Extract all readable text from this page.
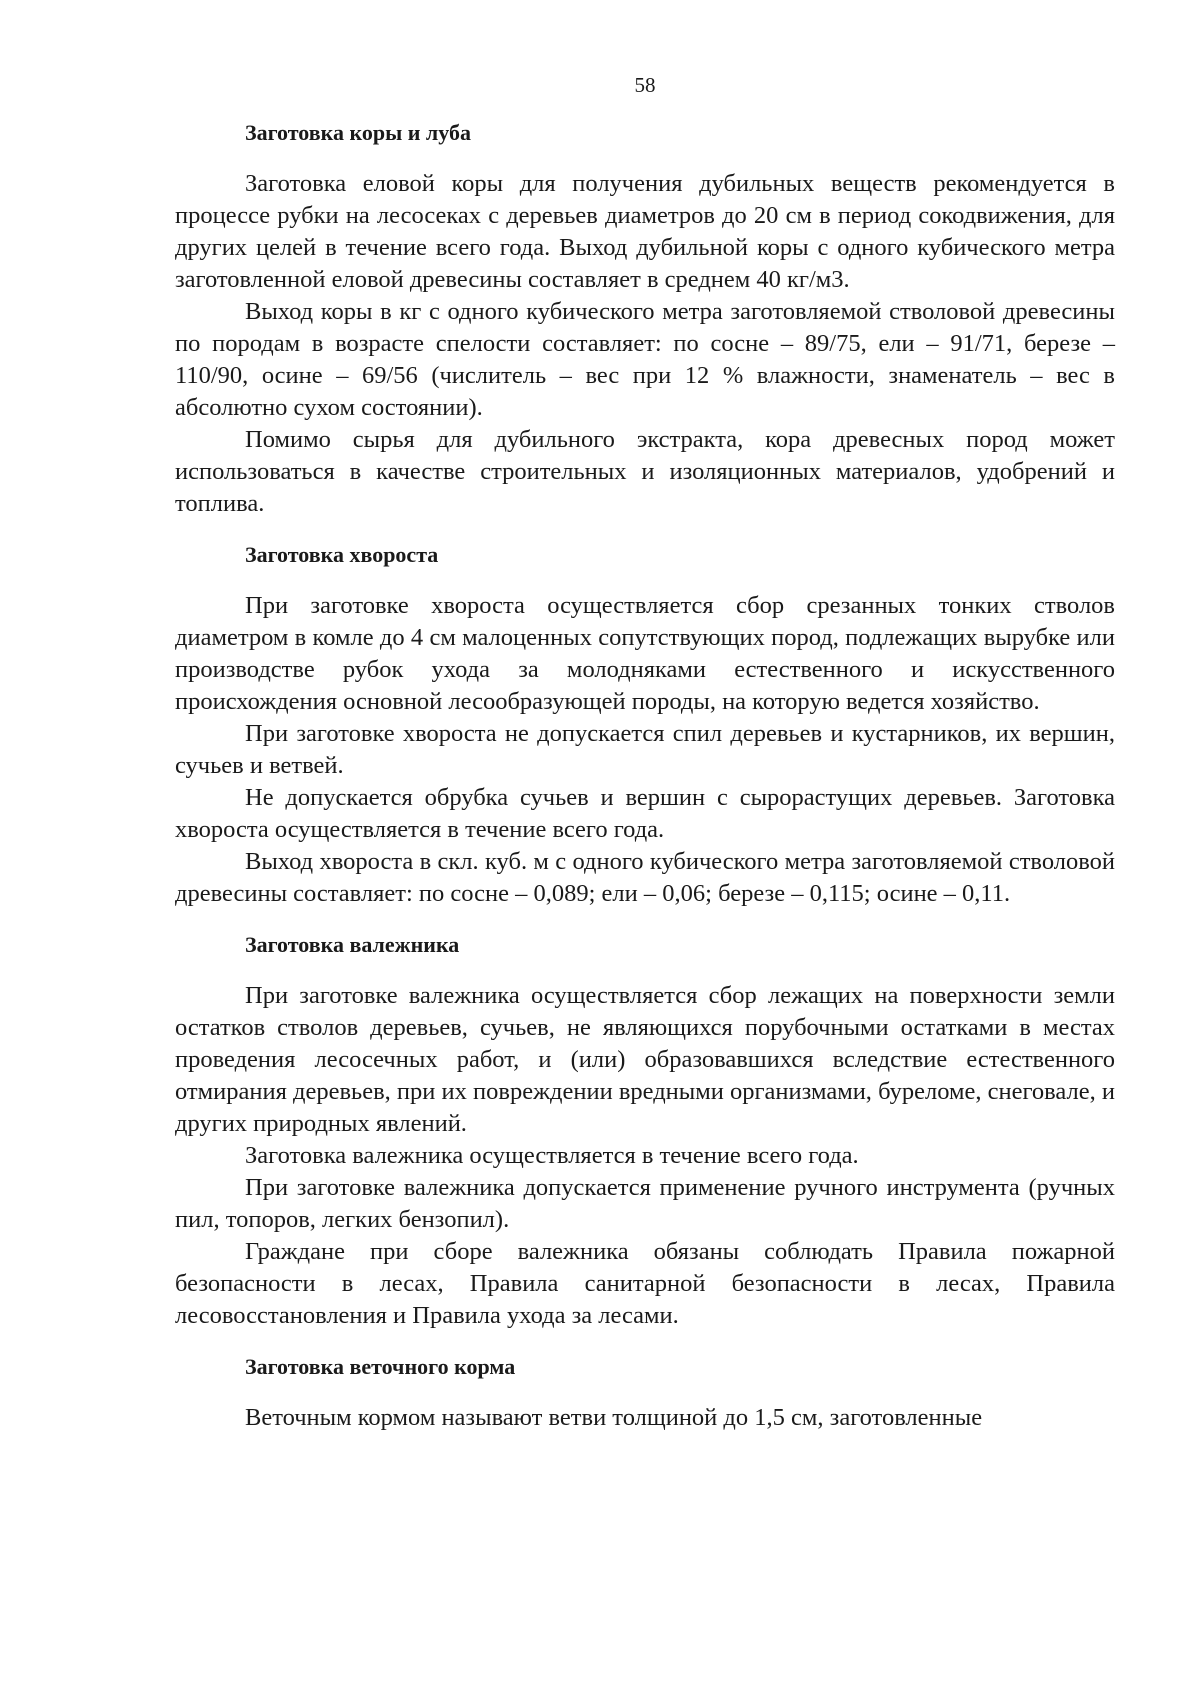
58
Заготовка коры и луба

Заготовка еловой коры для получения дубильных веществ рекомендуется в процессе рубки на лесосеках с деревьев диаметров до 20 см в период сокодвижения, для других целей в течение всего года. Выход дубильной коры с одного кубического метра заготовленной еловой древесины составляет в среднем 40 кг/м3.

Выход коры в кг с одного кубического метра заготовляемой стволовой древесины по породам в возрасте спелости составляет: по сосне – 89/75, ели – 91/71, березе – 110/90, осине – 69/56 (числитель – вес при 12 % влажности, знаменатель – вес в абсолютно сухом состоянии).

Помимо сырья для дубильного экстракта, кора древесных пород может использоваться в качестве строительных и изоляционных материалов, удобрений и топлива.

Заготовка хвороста

При заготовке хвороста осуществляется сбор срезанных тонких стволов диаметром в комле до 4 см малоценных сопутствующих пород, подлежащих вырубке или производстве рубок ухода за молодняками естественного и искусственного происхождения основной лесообразующей породы, на которую ведется хозяйство.

При заготовке хвороста не допускается спил деревьев и кустарников, их вершин, сучьев и ветвей.

Не допускается обрубка сучьев и вершин с сырорастущих деревьев. Заготовка хвороста осуществляется в течение всего года.

Выход хвороста в скл. куб. м с одного кубического метра заготовляемой стволовой древесины составляет: по сосне – 0,089; ели – 0,06; березе – 0,115; осине – 0,11.

Заготовка валежника

При заготовке валежника осуществляется сбор лежащих на поверхности земли остатков стволов деревьев, сучьев, не являющихся порубочными остатками в местах проведения лесосечных работ, и (или) образовавшихся вследствие естественного отмирания деревьев, при их повреждении вредными организмами, буреломе, снеговале, и других природных явлений.

Заготовка валежника осуществляется в течение всего года.

При заготовке валежника допускается применение ручного инструмента (ручных пил, топоров, легких бензопил).

Граждане при сборе валежника обязаны соблюдать Правила пожарной безопасности в лесах, Правила санитарной безопасности в лесах, Правила лесовосстановления и Правила ухода за лесами.

Заготовка веточного корма

Веточным кормом называют ветви толщиной до 1,5 см, заготовленные
